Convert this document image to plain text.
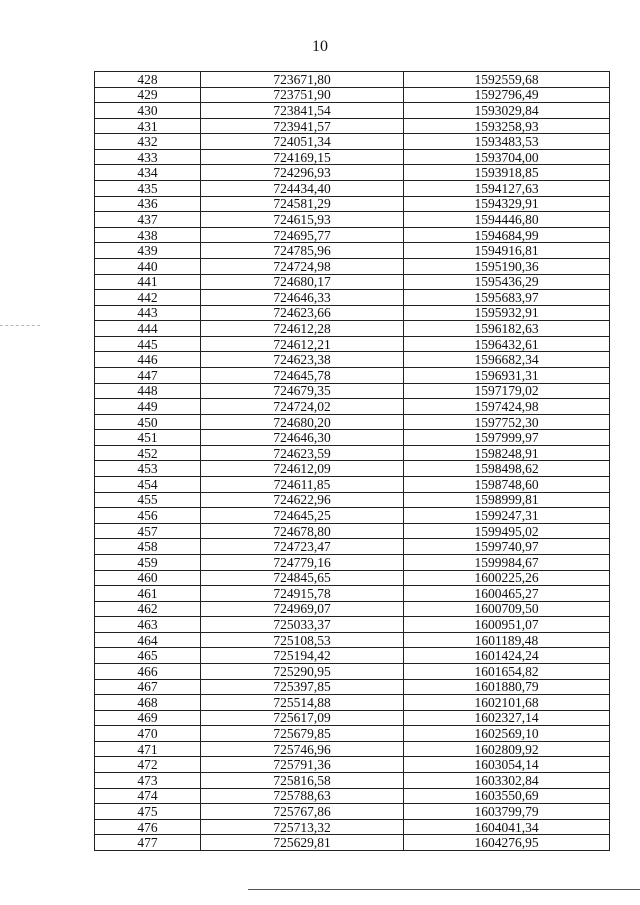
10
428	723671,80	1592559,68
429	723751,90	1592796,49
430	723841,54	1593029,84
431	723941,57	1593258,93
432	724051,34	1593483,53
433	724169,15	1593704,00
434	724296,93	1593918,85
435	724434,40	1594127,63
436	724581,29	1594329,91
437	724615,93	1594446,80
438	724695,77	1594684,99
439	724785,96	1594916,81
440	724724,98	1595190,36
441	724680,17	1595436,29
442	724646,33	1595683,97
443	724623,66	1595932,91
444	724612,28	1596182,63
445	724612,21	1596432,61
446	724623,38	1596682,34
447	724645,78	1596931,31
448	724679,35	1597179,02
449	724724,02	1597424,98
450	724680,20	1597752,30
451	724646,30	1597999,97
452	724623,59	1598248,91
453	724612,09	1598498,62
454	724611,85	1598748,60
455	724622,96	1598999,81
456	724645,25	1599247,31
457	724678,80	1599495,02
458	724723,47	1599740,97
459	724779,16	1599984,67
460	724845,65	1600225,26
461	724915,78	1600465,27
462	724969,07	1600709,50
463	725033,37	1600951,07
464	725108,53	1601189,48
465	725194,42	1601424,24
466	725290,95	1601654,82
467	725397,85	1601880,79
468	725514,88	1602101,68
469	725617,09	1602327,14
470	725679,85	1602569,10
471	725746,96	1602809,92
472	725791,36	1603054,14
473	725816,58	1603302,84
474	725788,63	1603550,69
475	725767,86	1603799,79
476	725713,32	1604041,34
477	725629,81	1604276,95
